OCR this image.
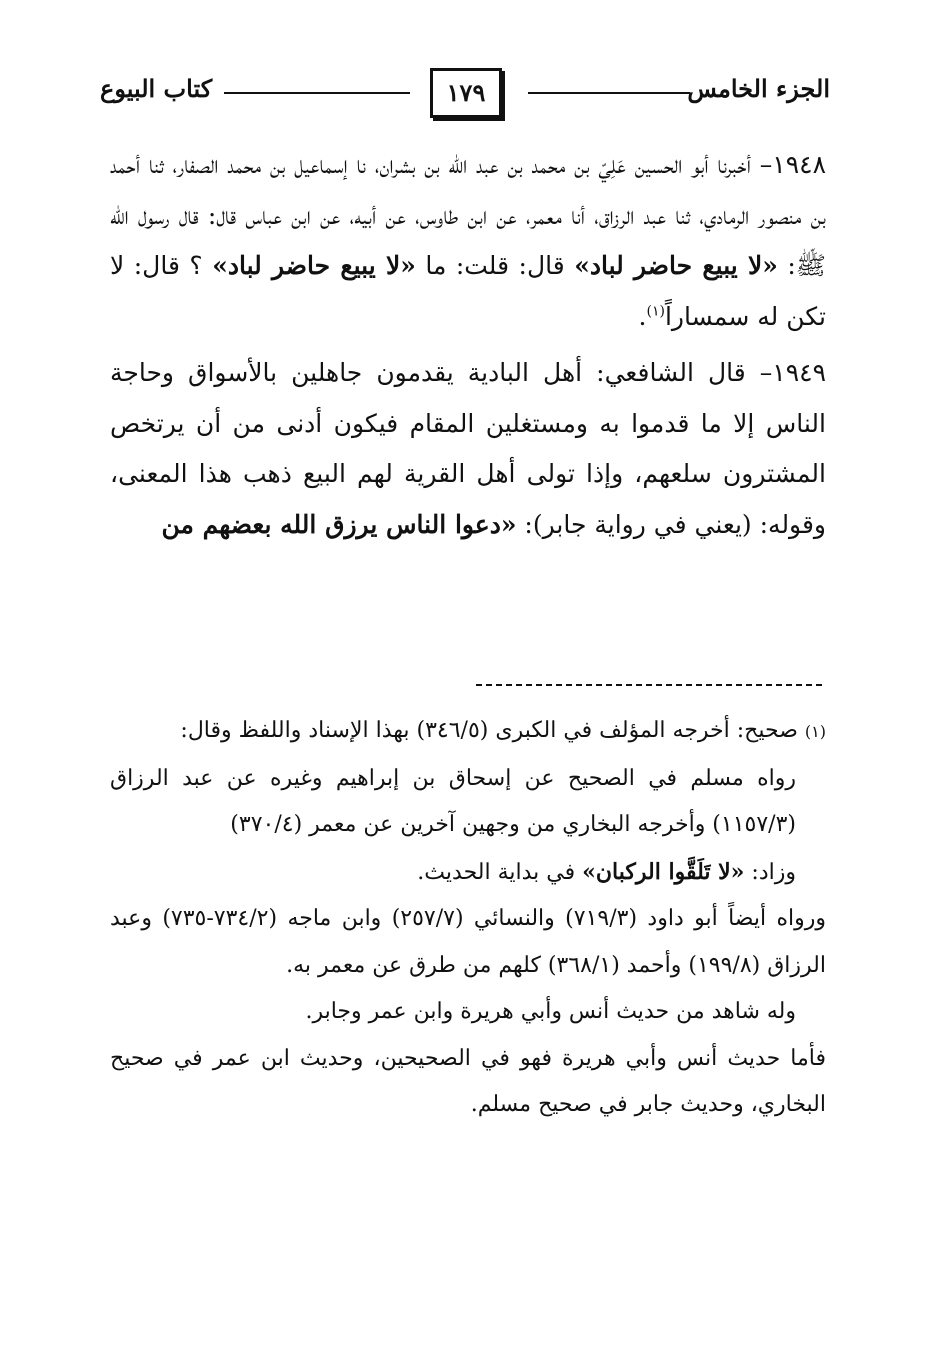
الجزء الخامس
١٧٩
كتاب البيوع

١٩٤٨– أخبرنا أبو الحسين عَلِيّ بن محمد بن عبد الله بن بشران، نا إسماعيل بن محمد الصفار، ثنا أحمد بن منصور الرمادي، ثنا عبد الرزاق، أنا معمر، عن ابن طاوس، عن أبيه، عن ابن عباس قال: قال رسول الله ﷺ: «لا يبيع حاضر لباد» قال: قلت: ما «لا يبيع حاضر لباد» ؟ قال: لا تكن له سمساراً$^{(١)}$.

١٩٤٩– قال الشافعي: أهل البادية يقدمون جاهلين بالأسواق وحاجة الناس إلا ما قدموا به ومستغلين المقام فيكون أدنى من أن يرتخص المشترون سلعهم، وإذا تولى أهل القرية لهم البيع ذهب هذا المعنى، وقوله: (يعني في رواية جابر): «دعوا الناس يرزق الله بعضهم من

(١) صحيح: أخرجه المؤلف في الكبرى (٣٤٦/٥) بهذا الإسناد واللفظ وقال:

رواه مسلم في الصحيح عن إسحاق بن إبراهيم وغيره عن عبد الرزاق (١١٥٧/٣) وأخرجه البخاري من وجهين آخرين عن معمر (٣٧٠/٤)

وزاد: «لا تَلَقَّوا الركبان» في بداية الحديث.

ورواه أيضاً أبو داود (٧١٩/٣) والنسائي (٢٥٧/٧) وابن ماجه (٧٣٤/٢-٧٣٥) وعبد الرزاق (١٩٩/٨) وأحمد (٣٦٨/١) كلهم من طرق عن معمر به.

وله شاهد من حديث أنس وأبي هريرة وابن عمر وجابر.

فأما حديث أنس وأبي هريرة فهو في الصحيحين، وحديث ابن عمر في صحيح البخاري، وحديث جابر في صحيح مسلم.
